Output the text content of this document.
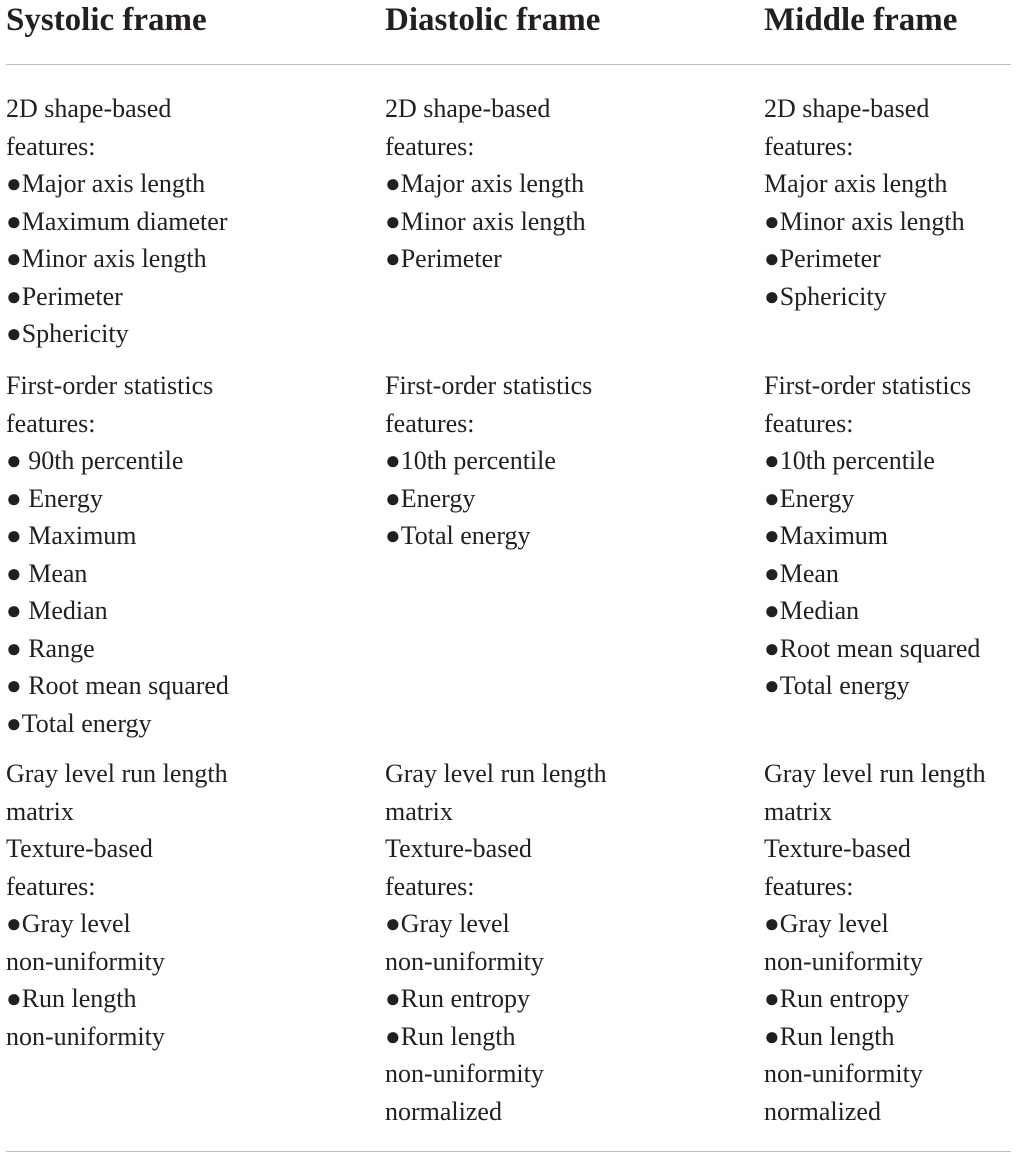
Systolic frame	Diastolic frame	Middle frame
2D shape-based
features:
●Major axis length
●Maximum diameter
●Minor axis length
●Perimeter
●Sphericity
2D shape-based
features:
●Major axis length
●Minor axis length
●Perimeter
2D shape-based
features:
Major axis length
●Minor axis length
●Perimeter
●Sphericity
First-order statistics
features:
● 90th percentile
● Energy
● Maximum
● Mean
● Median
● Range
● Root mean squared
●Total energy
First-order statistics
features:
●10th percentile
●Energy
●Total energy
First-order statistics
features:
●10th percentile
●Energy
●Maximum
●Mean
●Median
●Root mean squared
●Total energy
Gray level run length
matrix
Texture-based
features:
●Gray level
non-uniformity
●Run length
non-uniformity
Gray level run length
matrix
Texture-based
features:
●Gray level
non-uniformity
●Run entropy
●Run length
non-uniformity
normalized
Gray level run length
matrix
Texture-based
features:
●Gray level
non-uniformity
●Run entropy
●Run length
non-uniformity
normalized
